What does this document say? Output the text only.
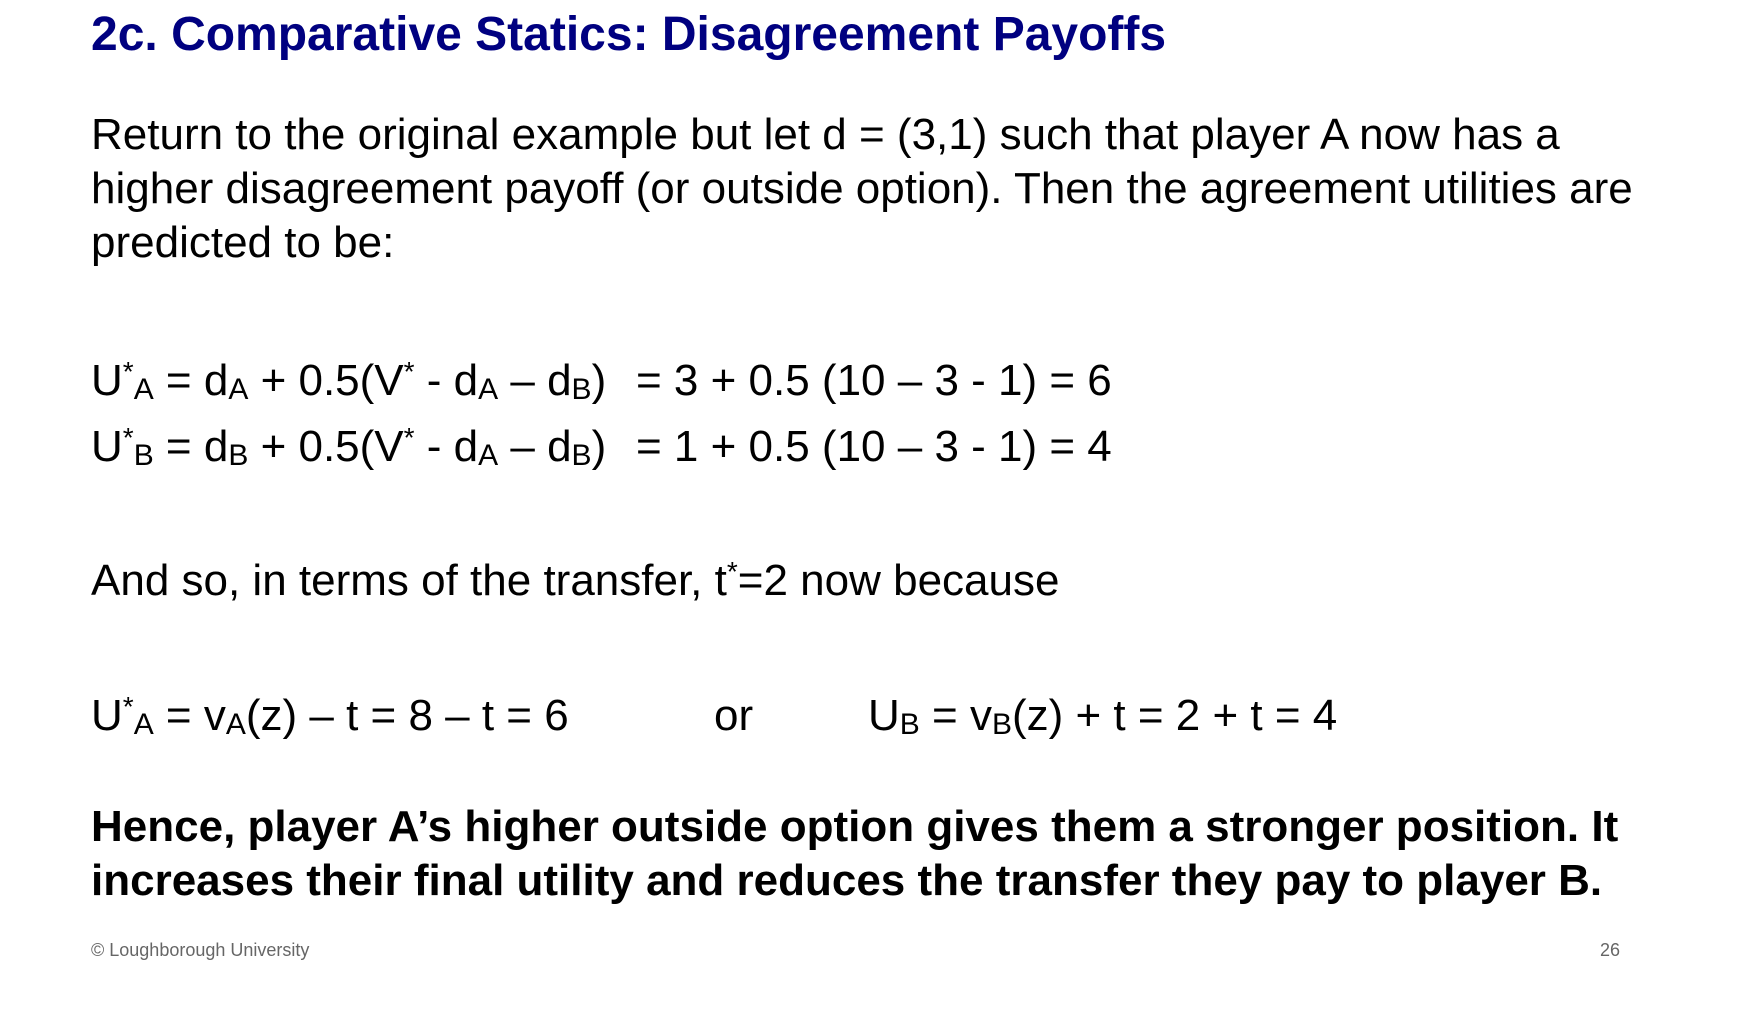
2c. Comparative Statics: Disagreement Payoffs
Return to the original example but let d = (3,1) such that player A now has a
higher disagreement payoff (or outside option). Then the agreement utilities are
predicted to be:
$U^*_A = d_A + 0.5(V^* - d_A - d_B) = 3 + 0.5$ (10 – 3 - 1) = 6
$U^*_B = d_B + 0.5(V^* - d_A - d_B) = 1 + 0.5$ (10 – 3 - 1) = 4
And so, in terms of the transfer, t*=2 now because
$U^*_A = v_A(z) - t = 8 - t = 6$	or	$U_B = v_B(z) + t = 2 + t = 4$
Hence, player A’s higher outside option gives them a stronger position. It
increases their final utility and reduces the transfer they pay to player B.
© Loughborough University	26
